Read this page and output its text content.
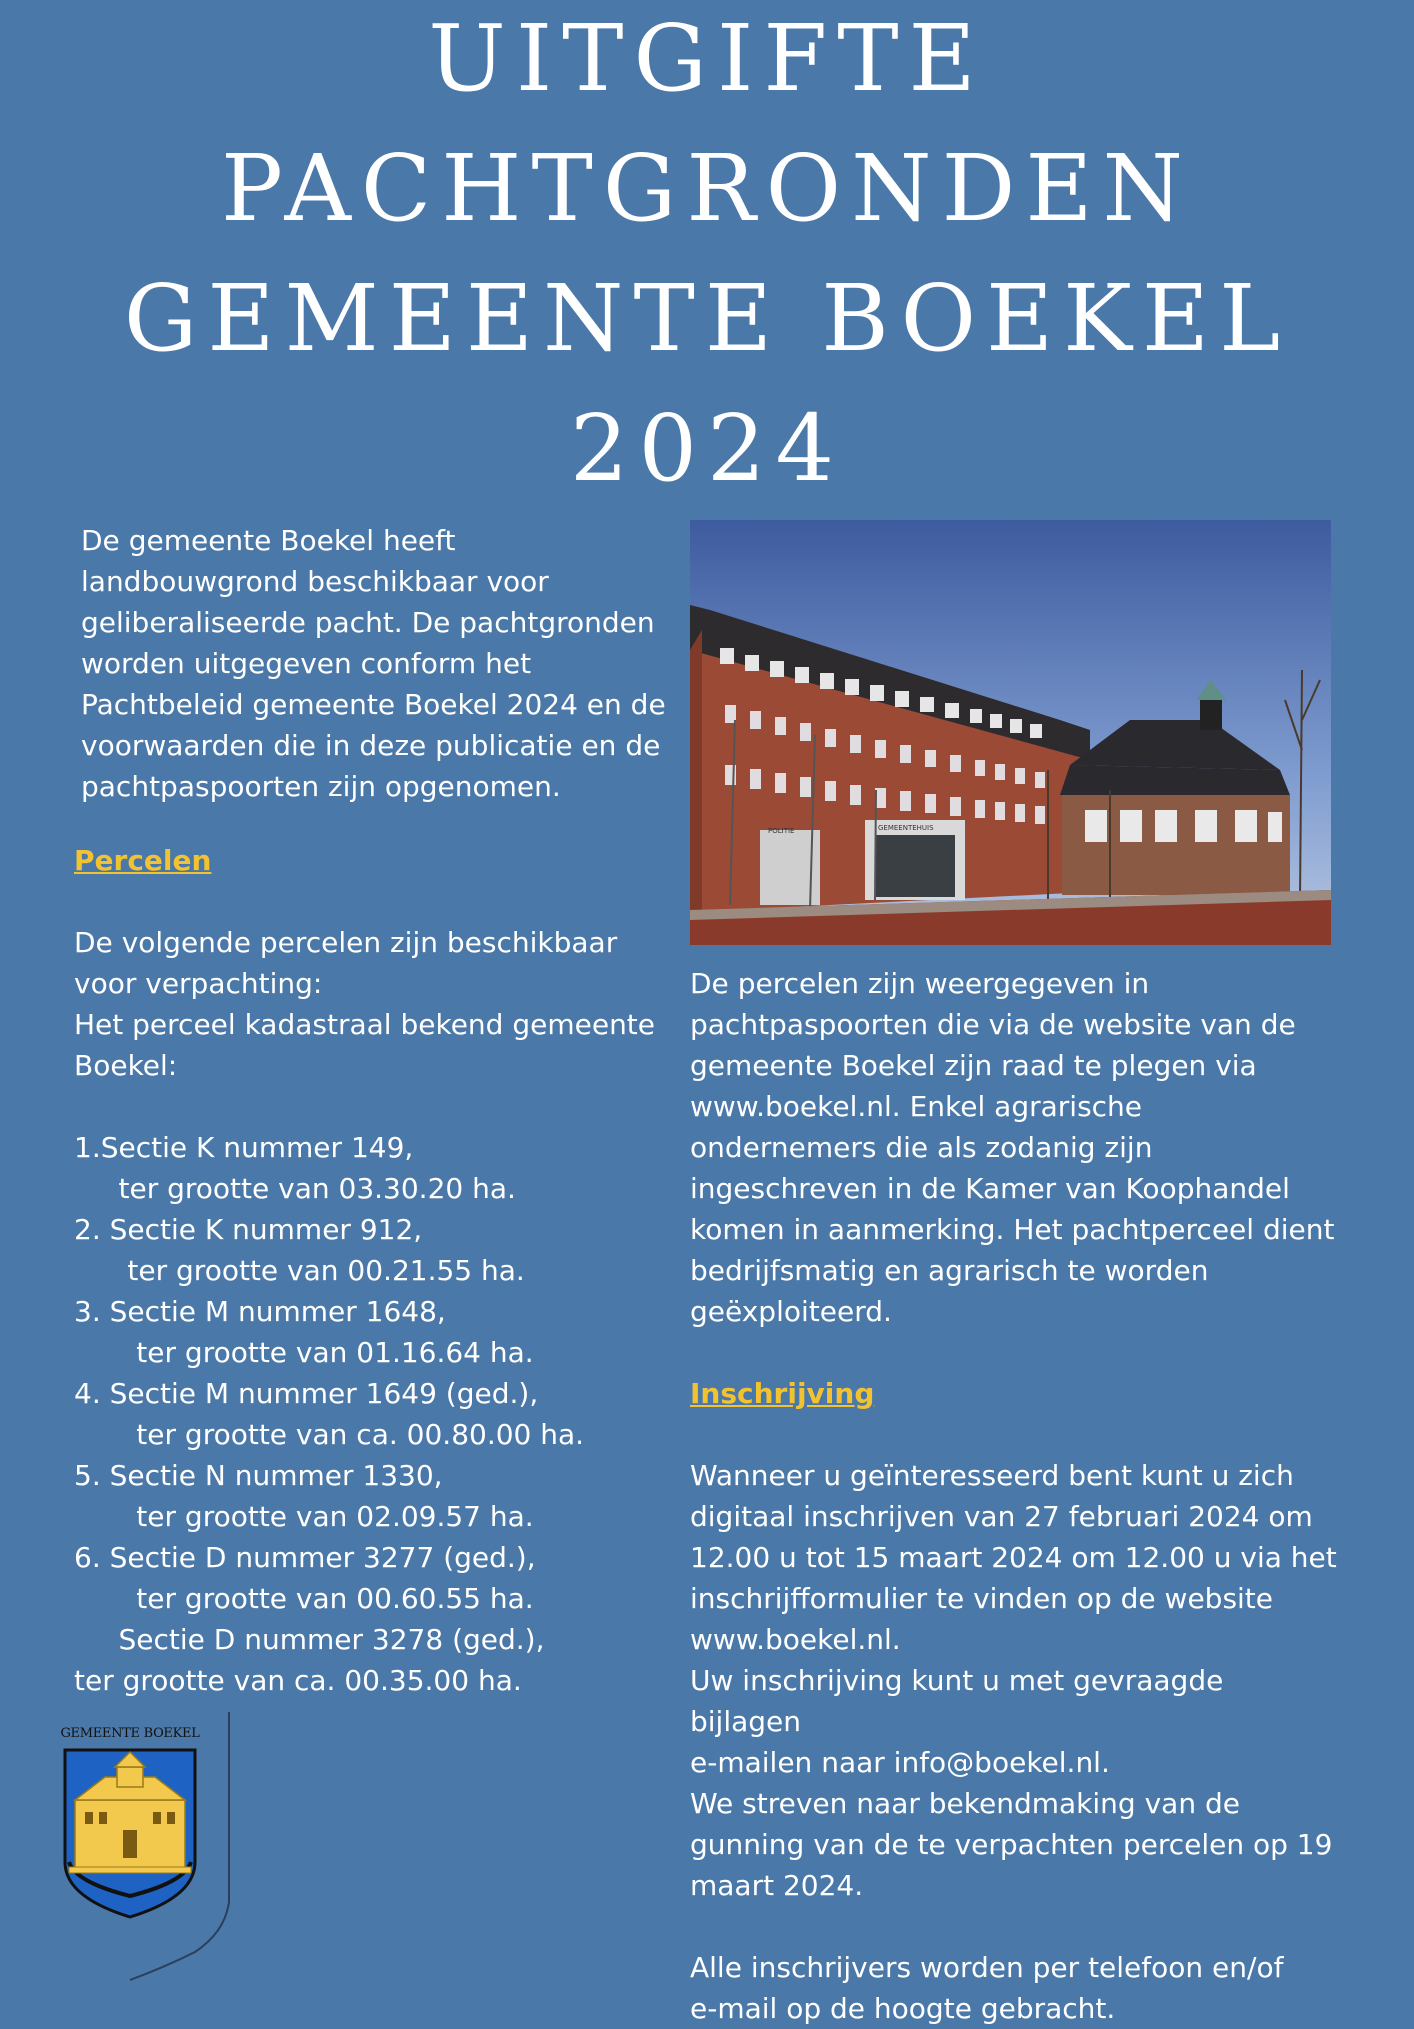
UITGIFTE
PACHTGRONDEN
GEMEENTE BOEKEL
2024
De gemeente Boekel heeft
landbouwgrond beschikbaar voor
geliberaliseerde pacht. De pachtgronden
worden uitgegeven conform het
Pachtbeleid gemeente Boekel 2024 en de
voorwaarden die in deze publicatie en de
pachtpaspoorten zijn opgenomen.
Percelen
De volgende percelen zijn beschikbaar
voor verpachting:
Het perceel kadastraal bekend gemeente
Boekel:
1.Sectie K nummer 149,
ter grootte van 03.30.20 ha.
2. Sectie K nummer 912,
ter grootte van 00.21.55 ha.
3. Sectie M nummer 1648,
ter grootte van 01.16.64 ha.
4. Sectie M nummer 1649 (ged.),
ter grootte van ca. 00.80.00 ha.
5. Sectie N nummer 1330,
ter grootte van 02.09.57 ha.
6. Sectie D nummer 3277 (ged.),
ter grootte van 00.60.55 ha.
Sectie D nummer 3278 (ged.),
ter grootte van ca. 00.35.00 ha.
POLITIE	GEMEENTEHUIS
De percelen zijn weergegeven in
pachtpaspoorten die via de website van de
gemeente Boekel zijn raad te plegen via
www.boekel.nl. Enkel agrarische
ondernemers die als zodanig zijn
ingeschreven in de Kamer van Koophandel
komen in aanmerking. Het pachtperceel dient
bedrijfsmatig en agrarisch te worden
geëxploiteerd.
Inschrijving
Wanneer u geïnteresseerd bent kunt u zich
digitaal inschrijven van 27 februari 2024 om
12.00 u tot 15 maart 2024 om 12.00 u via het
inschrijfformulier te vinden op de website
www.boekel.nl.
Uw inschrijving kunt u met gevraagde bijlagen
e-mailen naar info@boekel.nl.
We streven naar bekendmaking van de
gunning van de te verpachten percelen op 19
maart 2024.
Alle inschrijvers worden per telefoon en/of
e-mail op de hoogte gebracht.
GEMEENTE BOEKEL
